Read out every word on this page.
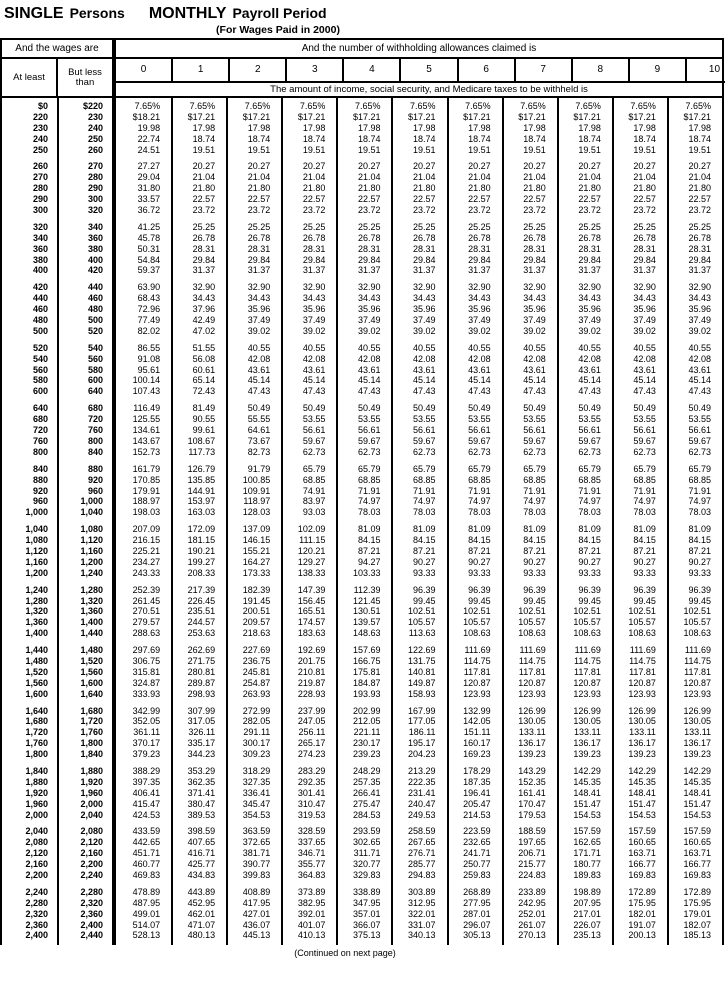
SINGLE Persons MONTHLY Payroll Period
(For Wages Paid in 2000)
And the wages are	And the number of withholding allowances claimed is
At least	But less than
0	1	2	3	4	5	6	7	8	9	10
The amount of income, social security, and Medicare taxes to be withheld is
$0	$220	7.65%	7.65%	7.65%	7.65%	7.65%	7.65%	7.65%	7.65%	7.65%	7.65%	7.65%
220	230	$18.21	$17.21	$17.21	$17.21	$17.21	$17.21	$17.21	$17.21	$17.21	$17.21	$17.21
230	240	19.98	17.98	17.98	17.98	17.98	17.98	17.98	17.98	17.98	17.98	17.98
240	250	22.74	18.74	18.74	18.74	18.74	18.74	18.74	18.74	18.74	18.74	18.74
250	260	24.51	19.51	19.51	19.51	19.51	19.51	19.51	19.51	19.51	19.51	19.51
260	270	27.27	20.27	20.27	20.27	20.27	20.27	20.27	20.27	20.27	20.27	20.27
270	280	29.04	21.04	21.04	21.04	21.04	21.04	21.04	21.04	21.04	21.04	21.04
280	290	31.80	21.80	21.80	21.80	21.80	21.80	21.80	21.80	21.80	21.80	21.80
290	300	33.57	22.57	22.57	22.57	22.57	22.57	22.57	22.57	22.57	22.57	22.57
300	320	36.72	23.72	23.72	23.72	23.72	23.72	23.72	23.72	23.72	23.72	23.72
320	340	41.25	25.25	25.25	25.25	25.25	25.25	25.25	25.25	25.25	25.25	25.25
340	360	45.78	26.78	26.78	26.78	26.78	26.78	26.78	26.78	26.78	26.78	26.78
360	380	50.31	28.31	28.31	28.31	28.31	28.31	28.31	28.31	28.31	28.31	28.31
380	400	54.84	29.84	29.84	29.84	29.84	29.84	29.84	29.84	29.84	29.84	29.84
400	420	59.37	31.37	31.37	31.37	31.37	31.37	31.37	31.37	31.37	31.37	31.37
420	440	63.90	32.90	32.90	32.90	32.90	32.90	32.90	32.90	32.90	32.90	32.90
440	460	68.43	34.43	34.43	34.43	34.43	34.43	34.43	34.43	34.43	34.43	34.43
460	480	72.96	37.96	35.96	35.96	35.96	35.96	35.96	35.96	35.96	35.96	35.96
480	500	77.49	42.49	37.49	37.49	37.49	37.49	37.49	37.49	37.49	37.49	37.49
500	520	82.02	47.02	39.02	39.02	39.02	39.02	39.02	39.02	39.02	39.02	39.02
520	540	86.55	51.55	40.55	40.55	40.55	40.55	40.55	40.55	40.55	40.55	40.55
540	560	91.08	56.08	42.08	42.08	42.08	42.08	42.08	42.08	42.08	42.08	42.08
560	580	95.61	60.61	43.61	43.61	43.61	43.61	43.61	43.61	43.61	43.61	43.61
580	600	100.14	65.14	45.14	45.14	45.14	45.14	45.14	45.14	45.14	45.14	45.14
600	640	107.43	72.43	47.43	47.43	47.43	47.43	47.43	47.43	47.43	47.43	47.43
640	680	116.49	81.49	50.49	50.49	50.49	50.49	50.49	50.49	50.49	50.49	50.49
680	720	125.55	90.55	55.55	53.55	53.55	53.55	53.55	53.55	53.55	53.55	53.55
720	760	134.61	99.61	64.61	56.61	56.61	56.61	56.61	56.61	56.61	56.61	56.61
760	800	143.67	108.67	73.67	59.67	59.67	59.67	59.67	59.67	59.67	59.67	59.67
800	840	152.73	117.73	82.73	62.73	62.73	62.73	62.73	62.73	62.73	62.73	62.73
840	880	161.79	126.79	91.79	65.79	65.79	65.79	65.79	65.79	65.79	65.79	65.79
880	920	170.85	135.85	100.85	68.85	68.85	68.85	68.85	68.85	68.85	68.85	68.85
920	960	179.91	144.91	109.91	74.91	71.91	71.91	71.91	71.91	71.91	71.91	71.91
960	1,000	188.97	153.97	118.97	83.97	74.97	74.97	74.97	74.97	74.97	74.97	74.97
1,000	1,040	198.03	163.03	128.03	93.03	78.03	78.03	78.03	78.03	78.03	78.03	78.03
1,040	1,080	207.09	172.09	137.09	102.09	81.09	81.09	81.09	81.09	81.09	81.09	81.09
1,080	1,120	216.15	181.15	146.15	111.15	84.15	84.15	84.15	84.15	84.15	84.15	84.15
1,120	1,160	225.21	190.21	155.21	120.21	87.21	87.21	87.21	87.21	87.21	87.21	87.21
1,160	1,200	234.27	199.27	164.27	129.27	94.27	90.27	90.27	90.27	90.27	90.27	90.27
1,200	1,240	243.33	208.33	173.33	138.33	103.33	93.33	93.33	93.33	93.33	93.33	93.33
1,240	1,280	252.39	217.39	182.39	147.39	112.39	96.39	96.39	96.39	96.39	96.39	96.39
1,280	1,320	261.45	226.45	191.45	156.45	121.45	99.45	99.45	99.45	99.45	99.45	99.45
1,320	1,360	270.51	235.51	200.51	165.51	130.51	102.51	102.51	102.51	102.51	102.51	102.51
1,360	1,400	279.57	244.57	209.57	174.57	139.57	105.57	105.57	105.57	105.57	105.57	105.57
1,400	1,440	288.63	253.63	218.63	183.63	148.63	113.63	108.63	108.63	108.63	108.63	108.63
1,440	1,480	297.69	262.69	227.69	192.69	157.69	122.69	111.69	111.69	111.69	111.69	111.69
1,480	1,520	306.75	271.75	236.75	201.75	166.75	131.75	114.75	114.75	114.75	114.75	114.75
1,520	1,560	315.81	280.81	245.81	210.81	175.81	140.81	117.81	117.81	117.81	117.81	117.81
1,560	1,600	324.87	289.87	254.87	219.87	184.87	149.87	120.87	120.87	120.87	120.87	120.87
1,600	1,640	333.93	298.93	263.93	228.93	193.93	158.93	123.93	123.93	123.93	123.93	123.93
1,640	1,680	342.99	307.99	272.99	237.99	202.99	167.99	132.99	126.99	126.99	126.99	126.99
1,680	1,720	352.05	317.05	282.05	247.05	212.05	177.05	142.05	130.05	130.05	130.05	130.05
1,720	1,760	361.11	326.11	291.11	256.11	221.11	186.11	151.11	133.11	133.11	133.11	133.11
1,760	1,800	370.17	335.17	300.17	265.17	230.17	195.17	160.17	136.17	136.17	136.17	136.17
1,800	1,840	379.23	344.23	309.23	274.23	239.23	204.23	169.23	139.23	139.23	139.23	139.23
1,840	1,880	388.29	353.29	318.29	283.29	248.29	213.29	178.29	143.29	142.29	142.29	142.29
1,880	1,920	397.35	362.35	327.35	292.35	257.35	222.35	187.35	152.35	145.35	145.35	145.35
1,920	1,960	406.41	371.41	336.41	301.41	266.41	231.41	196.41	161.41	148.41	148.41	148.41
1,960	2,000	415.47	380.47	345.47	310.47	275.47	240.47	205.47	170.47	151.47	151.47	151.47
2,000	2,040	424.53	389.53	354.53	319.53	284.53	249.53	214.53	179.53	154.53	154.53	154.53
2,040	2,080	433.59	398.59	363.59	328.59	293.59	258.59	223.59	188.59	157.59	157.59	157.59
2,080	2,120	442.65	407.65	372.65	337.65	302.65	267.65	232.65	197.65	162.65	160.65	160.65
2,120	2,160	451.71	416.71	381.71	346.71	311.71	276.71	241.71	206.71	171.71	163.71	163.71
2,160	2,200	460.77	425.77	390.77	355.77	320.77	285.77	250.77	215.77	180.77	166.77	166.77
2,200	2,240	469.83	434.83	399.83	364.83	329.83	294.83	259.83	224.83	189.83	169.83	169.83
2,240	2,280	478.89	443.89	408.89	373.89	338.89	303.89	268.89	233.89	198.89	172.89	172.89
2,280	2,320	487.95	452.95	417.95	382.95	347.95	312.95	277.95	242.95	207.95	175.95	175.95
2,320	2,360	499.01	462.01	427.01	392.01	357.01	322.01	287.01	252.01	217.01	182.01	179.01
2,360	2,400	514.07	471.07	436.07	401.07	366.07	331.07	296.07	261.07	226.07	191.07	182.07
2,400	2,440	528.13	480.13	445.13	410.13	375.13	340.13	305.13	270.13	235.13	200.13	185.13
(Continued on next page)
